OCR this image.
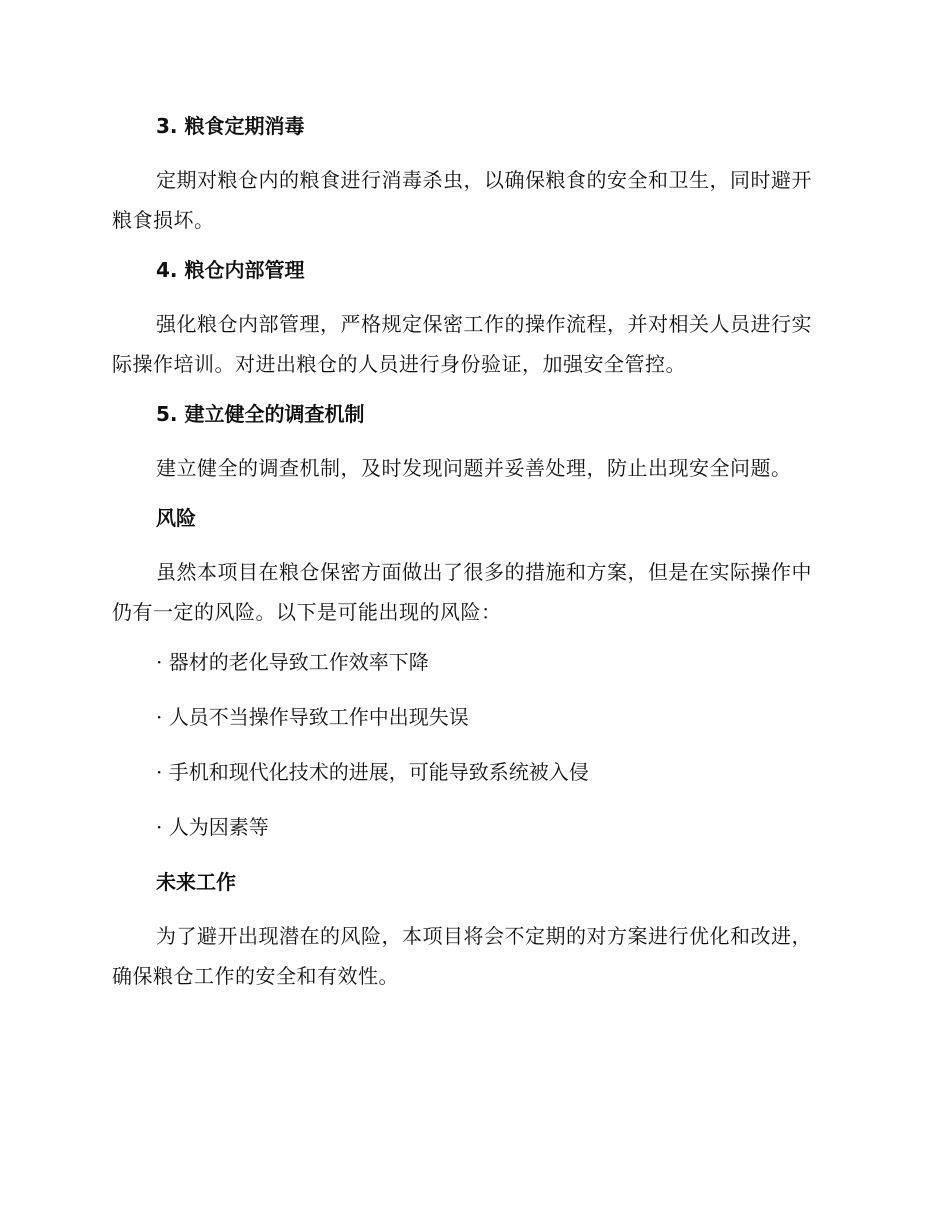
3. 粮食定期消毒
定期对粮仓内的粮食进行消毒杀虫，以确保粮食的安全和卫生，同时避开粮食损坏。
4. 粮仓内部管理
强化粮仓内部管理，严格规定保密工作的操作流程，并对相关人员进行实际操作培训。对进出粮仓的人员进行身份验证，加强安全管控。
5. 建立健全的调查机制
建立健全的调查机制，及时发现问题并妥善处理，防止出现安全问题。
风险
虽然本项目在粮仓保密方面做出了很多的措施和方案，但是在实际操作中仍有一定的风险。以下是可能出现的风险：
· 器材的老化导致工作效率下降
· 人员不当操作导致工作中出现失误
· 手机和现代化技术的进展，可能导致系统被入侵
· 人为因素等
未来工作
为了避开出现潜在的风险，本项目将会不定期的对方案进行优化和改进，确保粮仓工作的安全和有效性。
